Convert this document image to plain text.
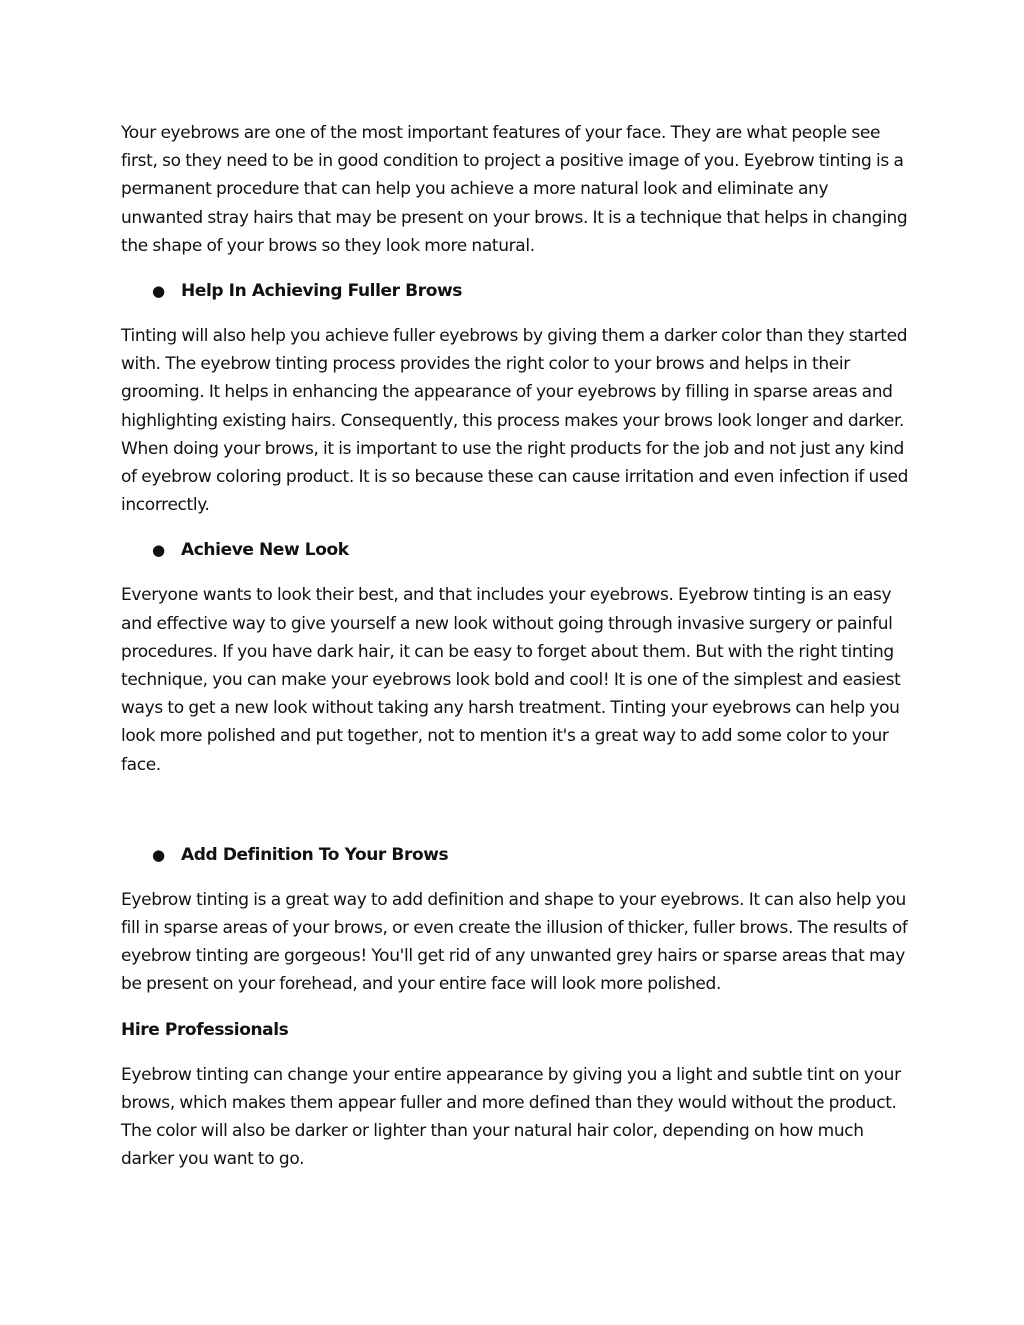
Your eyebrows are one of the most important features of your face. They are what people see first, so they need to be in good condition to project a positive image of you. Eyebrow tinting is a permanent procedure that can help you achieve a more natural look and eliminate any unwanted stray hairs that may be present on your brows. It is a technique that helps in changing the shape of your brows so they look more natural.

● Help In Achieving Fuller Brows

Tinting will also help you achieve fuller eyebrows by giving them a darker color than they started with. The eyebrow tinting process provides the right color to your brows and helps in their grooming. It helps in enhancing the appearance of your eyebrows by filling in sparse areas and highlighting existing hairs. Consequently, this process makes your brows look longer and darker. When doing your brows, it is important to use the right products for the job and not just any kind of eyebrow coloring product. It is so because these can cause irritation and even infection if used incorrectly.

● Achieve New Look

Everyone wants to look their best, and that includes your eyebrows. Eyebrow tinting is an easy and effective way to give yourself a new look without going through invasive surgery or painful procedures. If you have dark hair, it can be easy to forget about them. But with the right tinting technique, you can make your eyebrows look bold and cool! It is one of the simplest and easiest ways to get a new look without taking any harsh treatment. Tinting your eyebrows can help you look more polished and put together, not to mention it's a great way to add some color to your face.

● Add Definition To Your Brows

Eyebrow tinting is a great way to add definition and shape to your eyebrows. It can also help you fill in sparse areas of your brows, or even create the illusion of thicker, fuller brows. The results of eyebrow tinting are gorgeous! You'll get rid of any unwanted grey hairs or sparse areas that may be present on your forehead, and your entire face will look more polished.

Hire Professionals

Eyebrow tinting can change your entire appearance by giving you a light and subtle tint on your brows, which makes them appear fuller and more defined than they would without the product. The color will also be darker or lighter than your natural hair color, depending on how much darker you want to go.
